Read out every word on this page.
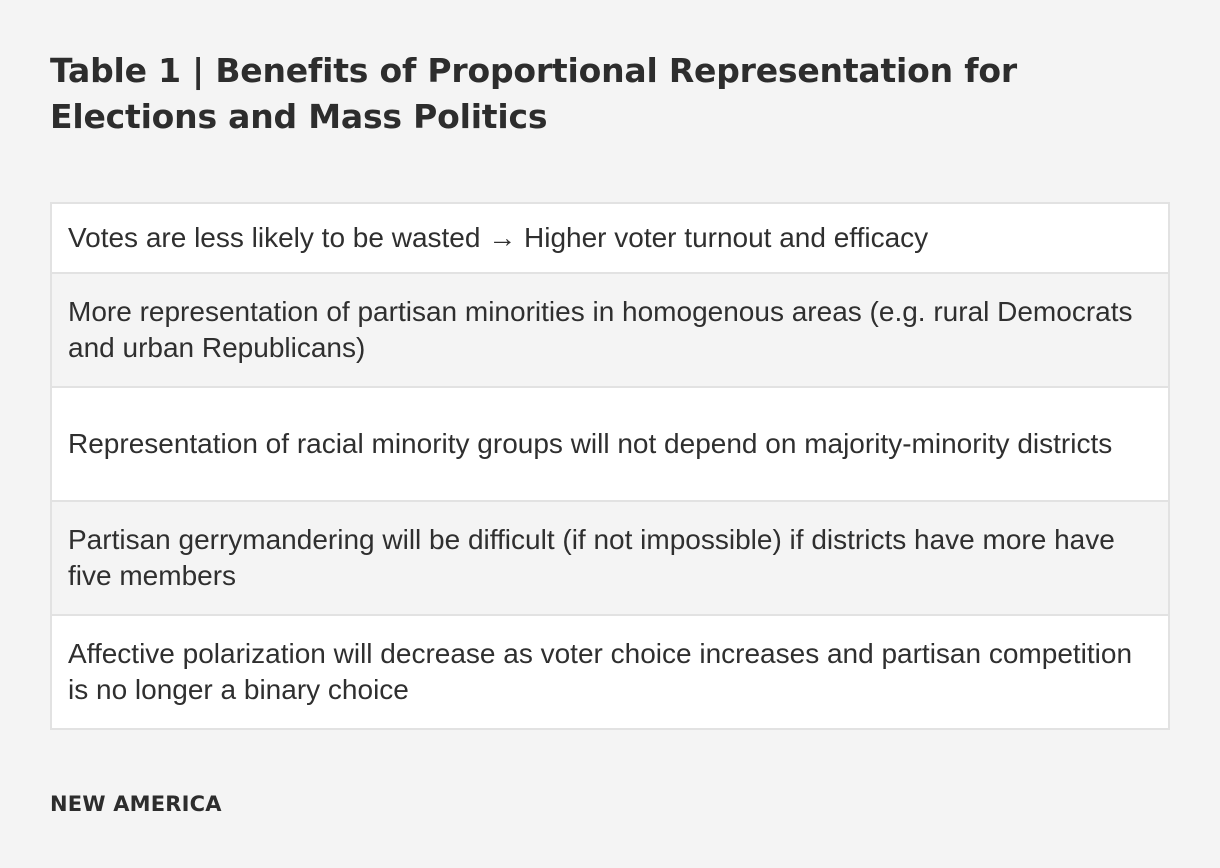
Table 1 | Benefits of Proportional Representation for Elections and Mass Politics
Votes are less likely to be wasted → Higher voter turnout and efficacy
More representation of partisan minorities in homogenous areas (e.g. rural Democrats and urban Republicans)
Representation of racial minority groups will not depend on majority-minority districts
Partisan gerrymandering will be difficult (if not impossible) if districts have more have five members
Affective polarization will decrease as voter choice increases and partisan competition is no longer a binary choice

NEW AMERICA
